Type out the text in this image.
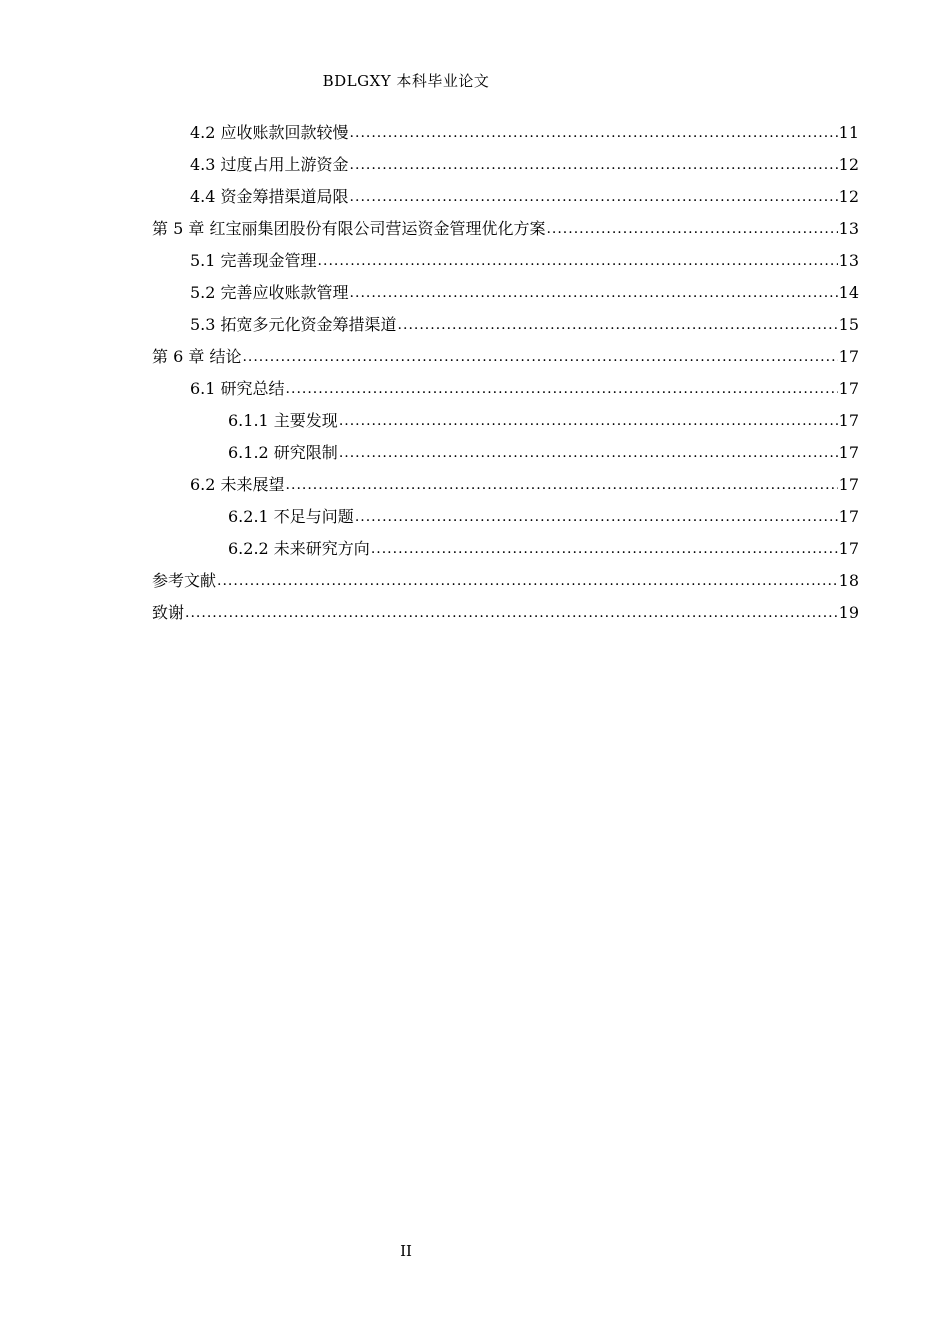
BDLGXY 本科毕业论文
4.2 应收账款回款较慢 .....	11
4.3 过度占用上游资金 .....	12
4.4 资金筹措渠道局限 .....	12
第 5 章 红宝丽集团股份有限公司营运资金管理优化方案 .....	13
5.1 完善现金管理 .....	13
5.2 完善应收账款管理 .....	14
5.3 拓宽多元化资金筹措渠道 .....	15
第 6 章 结论 .....	17
6.1 研究总结 .....	17
6.1.1 主要发现 .....	17
6.1.2 研究限制 .....	17
6.2 未来展望 .....	17
6.2.1 不足与问题 .....	17
6.2.2 未来研究方向 .....	17
参考文献 .....	18
致谢 .....	19
II
